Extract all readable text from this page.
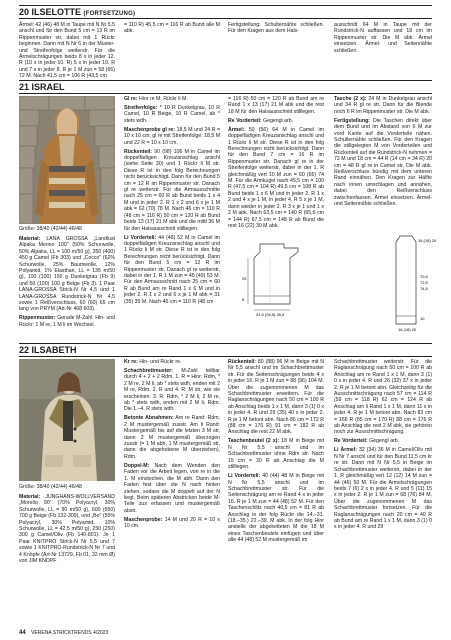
20 ILSELOTTE (FORTSETZUNG)

Ärmel: 42 (46) 48 M in Taupe mit N Nr 5,5 anschl und für den Bund 5 cm = 13 R im Rippenmuster str, dabei mit 1 Rückr beginnen. Dann mit N Nr 6 in der Muster- und Streifenfolge weiterstr. Für die Ärmelschrägungen beids 8 x in jeder 12. R (10 x in jeder 10. R) 5 x in jeder 10. R und 7 x in jeder 8. R je 1 M zun = 58 (66) 72 M. Nach 41,5 cm = 106 R (43,5 cm

= 110 R) 45,5 cm = 116 R ab Bund alle M abk.

Fertigstellung: Schulternähte schließen. Für den Kragen aus dem Hals-

ausschnitt 64 M in Taupe mit der Rundstrick-N auffassen und 18 cm im Rippenmuster str. Die M abk. Ärmel einsetzen. Ärmel- und Seitennähte schließen.

21 ISRAEL
Größe: 38/40 (42/44) 46/48

Material: LANA GROSSA „Landlust Alpaka Merino 100" (50% Schurwolle, 50% Alpaka, LL = 100 m/50 g), 350 (400) 450 g Camel (Fb 303) und „Cocco" (62% Schurwolle, 25% Baumwolle, 12% Polyamid, 1% Elasthan, LL = 135 m/50 g), 100 (100) 150 g Dunkelgrau (Fb 9) und 50 (100) 100 g Beige (Fb 3). 1 Paar LANA-GROSSA Strick-N Nr 4,5 und 1 LANA-GROSSA Rundstrick-N Nr 4,5 sowie 1 Reißverschluss, 60 (60) 65 cm lang von PRYM (Art-Nr 468 603).

Rippenmuster: Gerade M-Zahl: Hin- und Rückr: 1 M re, 1 M li im Wechsel.

Gl re: Hinr re M, Rückr li M.

Streifenfolge: * 10 R Dunkelgrau, 10 R Camel, 10 R Beige, 10 R Camel, ab * stets wdh.

Maschenprobe gl re: 18,5 M und 24 R = 10 x 10 cm; gl re mit Streifenfolge: 18,5 M und 22 R = 10 x 10 cm.

Rückenteil: 90 (98) 106 M in Camel im doppelfädigen Kreuzanschlag anschl (siehe Seite 30) und 1 Rückr li M str. Diese R ist in den folg Berechnungen nicht berücksichtigt. Dann für den Bund 5 cm = 12 R im Rippenmuster str. Danach gl re weiterstr. Für die Armausschnitte nach 25 cm = 60 R ab Bund beids 1 x 4 M und in jeder 2. R 1 x 2 und 6 x je 1 M abk = 62 (70) 78 M. Nach 46 cm = 110 R (48 cm = 116 R) 50 cm = 120 R ab Bund beids 13 (17) 21 M abk und die mittl 36 M für den Halsausschnitt stilllegen.

Li Vorderteil: 44 (48) 52 M in Camel im doppelfädigen Kreuzanschlag anschl und 1 Rückr li M str. Diese R ist in den folg Berechnungen nicht berücksichtigt. Dann für den Bund 5 cm = 12 R im Rippenmuster str. Danach gl re weiterstr, dabei in der 1. R 1 M zun = 45 (49) 53 M. Für den Armausschnitt nach 25 cm = 60 R ab Bund am re Rand 1 x 6 M und in jeder 2. R 1 x 2 und 6 x je 1 M abk = 31 (35) 39 M. Nach 46 cm = 110 R (48 cm

= 116 R) 50 cm = 120 R ab Bund am re Rand 1 x 13 (17) 21 M abk und die rest 18 M für den Halsausschnitt stilllegen.

Re Vorderteil: Gegengl arb.

Ärmel: 50 (56) 64 M in Camel im doppelfädigen Kreuzanschlag anschl und 1 Rückr li M str. Diese R ist in den folg Berechnungen nicht berücksichtigt. Dann für den Bund 7 cm = 16 R im Rippenmuster str. Danach gl re in der Streifenfolge weiterstr, dabei in der 1. R gleichmäßig vert 10 M zun = 60 (66) 74 M. Für die Armkugel nach 45,5 cm = 100 R (47,5 cm = 104 R) 49,5 cm = 108 R ab Bund beids 1 x 6 M und in jeder 2. R 1 x 2 und 4 x je 1 M, in jeder 4. R 5 x je 1 M, dann wieder in jeder 2. R 3 x je 1 und 1 x 2 M abk. Nach 63,5 cm = 140 R (65,5 cm = 144 R) 67,5 cm = 148 R ab Bund die rest 16 (22) 30 M abk.

25
5
24,5 (26,5) 28,5

Tasche (2 x): 24 M in Dunkelgrau anschl und 34 R gl re str. Dann für die Blende noch 6 R im Rippenmuster str. Die M abk.

Fertigstellung: Die Taschen direkt über dem Bund und im Abstand von 6 M zur vord Kante auf die Vorderteile nähen. Schulternähte schließen. Für den Kragen die stillgelegten M von Vorderteilen und Rückenteil auf die Rundstrick-N nehmen = 72 M und 18 cm = 44 R (14 cm = 34 R) 20 cm = 48 R gl re in Camel str. Die M abk. Reißverschluss bündig mit dem unteren Rand einnähen. Den Kragen zur Hälfte nach innen umschlagen und annähen, dabei den Reißverschluss zwischenfassen. Ärmel einsetzen. Ärmel- und Seitennähte schließen.

16 (18) 20
70,5
72,5
74,5
10
16 (18) 20
22 ILSABETH
Größe: 38/40 (42/44) 46/48

Material: JUNGHANS-WOLLVERSAND „Morello 90" (70% Polyacryl, 30% Schurwolle, LL = 90 m/50 g), 600 (650) 700 g Beige (Fb 132-309), und „Bo" (55% Polyacryl, 30% Polyamid, 10% Schurwolle, LL = 42,5 m/50 g), 250 (250) 300 g Camel/Oliv (Fb 140-801). Je 1 Paar KNITPRO Strick-N Nr 5,5 und 7 sowie 1 KNITPRO-Rundstrick-N Nr 7 und 4 Knöpfe (Art-Nr 13729, Fb 01, 32 mm Ø) von JIM KNOPF

Kr re: Hin- und Rückr re.

Schachbrettmuster: M-Zahl teilbar durch 4 + 2 + 2 Rdm. 1. R = Hinr: Rdm, * 2 M re, 2 M li, ab * stets wdh, enden mit 2 M re, Rdm. 2. R und 4. R: M str, wie sie erscheinen. 3. R: Rdm, * 2 M li, 2 M re, ab * stets wdh, enden mit 2 M li, Rdm. Die 1.–4. R stets wdh.

Betonte Abnahmen: Am re Rand: Rdm, 2 M mustergemäß zusstr. Am li Rand: Mustergemäß bis auf die letzten 3 M str, dann 2 M mustergemäß überzogen zusstr (= 1 M abh, 1 M mustergemäß str, dann die abgehobene M überziehen), Rdm.

Doppel-M: Nach dem Wenden den Faden vor die Arbeit legen, von re in die 1. M einstechen, die M abh. Dann den Faden fest über die N nach hinten ziehen, sodass die M doppelt auf der N liegt. Beim späteren Abstricken beide M-Teile zus erfassen und mustergemäß abstr.

Maschenprobe: 14 M und 20 R = 10 x 10 cm.

Rückenteil: 80 (88) 96 M in Beige mit N Nr 5,5 anschl und im Schachbrettmuster str. Für die Seitenschrägungen beids 4 x in jeder 16. R je 1 M zun = 88 (96) 104 M. Über die zugenommenen M das Schachbrettmuster erweitern. Für die Raglanschrägungen nach 50 cm = 100 R ab Anschlag beids 1 x 1 M, dann 3 (1) 0 x in jeder 4. R und 29 (35) 40 x in jeder 2. R je 1 M betont abn. Nach 86 cm = 172 R (88 cm = 176 R) 91 cm = 182 R ab Anschlag die rest 22 M abk.

Taschenbeutel (2 x): 18 M in Beige mit N Nr 5,5 anschl und im Schachbrettmuster ohne Rdm str. Nach 15 cm = 30 R ab Anschlag die M stilllegen.

Li Vorderteil: 40 (44) 48 M in Beige mit N Nr 5,5 anschl und im Schachbrettmuster str. Für die Seitenschrägung am re Rand 4 x in jeder 16. R je 1 M zun = 44 (48) 52 M. Für den Taschenschlitz nach 40,5 cm = 81 R ab Anschlag in der folg Rückr die 14.–31. (18.–35.) 22.–39. M abk. In der folg Hinr anstelle der abgeketteten M die 18 M eines Taschenbeutels einfügen und über alle 44 (48) 52 M mustergemäß im

Schachbrettmuster weiterstr. Für die Raglanschrägung nach 50 cm = 100 R ab Anschlag am re Rand 1 x 1 M, dann 3 (1) 0 x in jeder 4. R und 26 (32) 37 x in jeder 2. R je 1 M betont abn. Gleichzeitig für die Ausschnittschrägung nach 57 cm = 114 R (59 cm = 118 R) 62 cm = 124 R ab Anschlag am li Rand 1 x 1 M, dann 11 x in jeder 4. R je 1 M betont abn. Nach 83 cm = 166 R (85 cm = 170 R) 88 cm = 176 R ab Anschlag die rest 2 M abk, sie gehören noch zur Ausschnittschrägung.

Re Vorderteil: Gegengl arb.

Li Ärmel: 32 (34) 36 M in Camel/Oliv mit N Nr 7 anschl und für den Bund 11,5 cm kr re str. Dann mit N Nr 5,5 in Beige im Schachbrettmuster weiterstr, dabei in der 1. R gleichmäßig vert 12 (12) 14 M zun = 44 (46) 50 M. Für die Armelschrägungen beids 7 (6) 2 x in jeder 4. R und 5 (11) 15 x in jeder 2. R je 1 M zun = 68 (76) 84 M. Über die zugenommenen M das Schachbrettmuster fortsetzen. Für die Raglanschrägungen nach 20 cm = 40 R ab Bund am re Rand 1 x 1 M, dann 3 (1) 0 x in jeder 4. R und 29

44 VERENA STRICKTRENDS 4/2023
